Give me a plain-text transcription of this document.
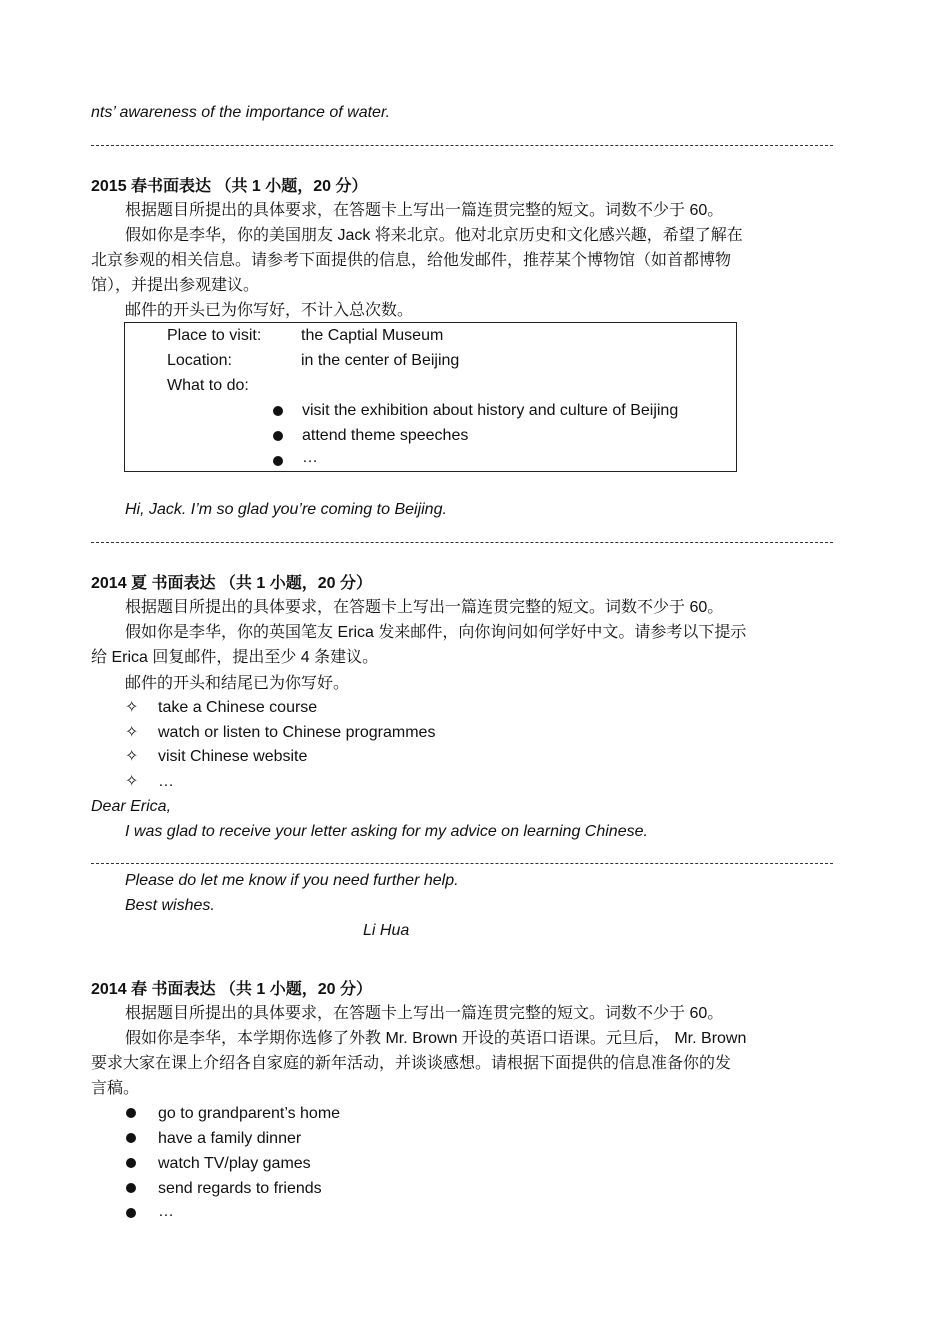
nts’ awareness of the importance of water.
2015 春书面表达 （共 1 小题，20 分）
根据题目所提出的具体要求，在答题卡上写出一篇连贯完整的短文。词数不少于 60。
假如你是李华，你的美国朋友 Jack 将来北京。他对北京历史和文化感兴趣，希望了解在
北京参观的相关信息。请参考下面提供的信息，给他发邮件，推荐某个博物馆（如首都博物
馆），并提出参观建议。
邮件的开头已为你写好，不计入总次数。
Place to visit: the Captial Museum
Location:	in the center of Beijing
What to do:
visit the exhibition about history and culture of Beijing
attend theme speeches
…
Hi, Jack. I’m so glad you’re coming to Beijing.
2014 夏 书面表达 （共 1 小题，20 分）
根据题目所提出的具体要求，在答题卡上写出一篇连贯完整的短文。词数不少于 60。
假如你是李华，你的英国笔友 Erica 发来邮件，向你询问如何学好中文。请参考以下提示
给 Erica 回复邮件，提出至少 4 条建议。
邮件的开头和结尾已为你写好。
✧ take a Chinese course
✧ watch or listen to Chinese programmes
✧ visit Chinese website
✧ …
Dear Erica,
I was glad to receive your letter asking for my advice on learning Chinese.
Please do let me know if you need further help.
Best wishes.
Li Hua
2014 春 书面表达 （共 1 小题，20 分）
根据题目所提出的具体要求，在答题卡上写出一篇连贯完整的短文。词数不少于 60。
假如你是李华，本学期你选修了外教 Mr. Brown 开设的英语口语课。元旦后， Mr. Brown
要求大家在课上介绍各自家庭的新年活动，并谈谈感想。请根据下面提供的信息准备你的发
言稿。
go to grandparent’s home
have a family dinner
watch TV/play games
send regards to friends
…
